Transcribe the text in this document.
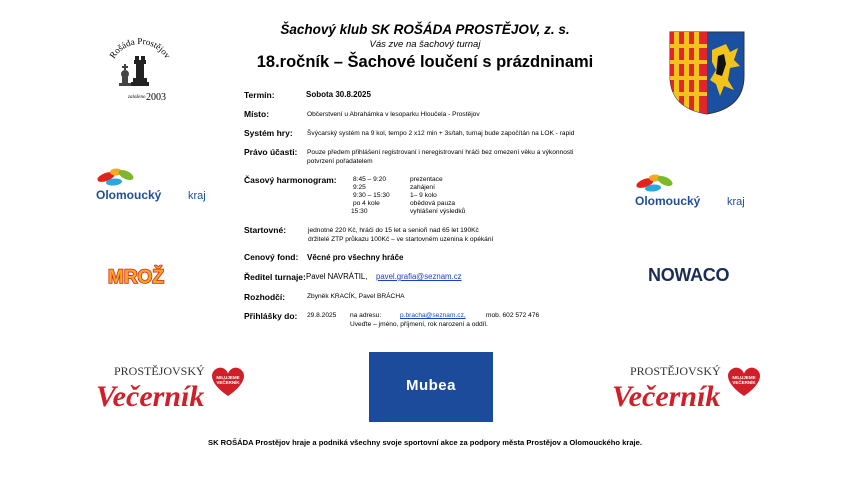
Šachový klub SK ROŠÁDA PROSTĚJOV, z. s.
Vás zve na šachový turnaj
18.ročník – Šachové loučení s prázdninami
Rošáda Prostějov
založeno 2003
Olomoucký kraj	Olomoucký kraj
MROŽ	NOWACO
PROSTĚJOVSKÝ
Večerník
MILUJEME
VEČERNÍK
PROSTĚJOVSKÝ
Večerník
MILUJEME
VEČERNÍK
Mubea
Termín:	Sobota 30.8.2025
Místo:	Občerstvení u Abrahámka v lesoparku Hloučela - Prostějov
Systém hry: Švýcarský systém na 9 kol, tempo 2 x12 min + 3s/tah, turnaj bude započítán na LOK - rapid
Právo účasti: Pouze předem přihlášení registrovaní i neregistrovaní hráči bez omezení věku a výkonnosti
potvrzení pořadatelem
Časový harmonogram: 8:45 – 9:20	prezentace
9:25	zahájení
9:30 – 15:30	1– 9 kolo
po 4 kole	obědová pauza
15:30	vyhlášení výsledků
Startovné:	jednotné 220 Kč, hráči do 15 let a senioři nad 65 let 190Kč
držitelé ZTP průkazu 100Kč – ve startovném uzenina k opékání
Cenový fond: Věcné pro všechny hráče
Ředitel turnaje: Pavel NAVRÁTIL, pavel.grafia@seznam.cz
Rozhodčí:	Zbyněk KRACÍK, Pavel BRÁCHA
Přihlášky do: 29.8.2025 na adresu:	p.bracha@seznam.cz,	mob. 602 572 476
Uveďte – jméno, příjmení, rok narození a oddíl.
SK ROŠÁDA Prostějov hraje a podniká všechny svoje sportovní akce za podpory města Prostějov a Olomouckého kraje.
